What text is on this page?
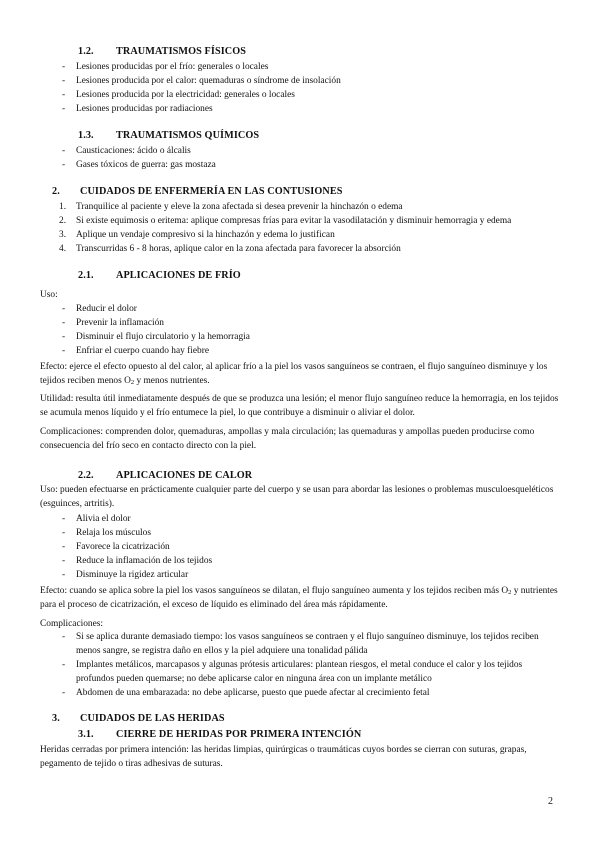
1.2. TRAUMATISMOS FÍSICOS
- Lesiones producidas por el frío: generales o locales
- Lesiones producida por el calor: quemaduras o síndrome de insolación
- Lesiones producida por la electricidad: generales o locales
- Lesiones producidas por radiaciones
1.3. TRAUMATISMOS QUÍMICOS
- Causticaciones: ácido o álcalis
- Gases tóxicos de guerra: gas mostaza
2. CUIDADOS DE ENFERMERÍA EN LAS CONTUSIONES
1. Tranquilice al paciente y eleve la zona afectada si desea prevenir la hinchazón o edema
2. Si existe equimosis o eritema: aplique compresas frías para evitar la vasodilatación y disminuir hemorragia y edema
3. Aplique un vendaje compresivo si la hinchazón y edema lo justifican
4. Transcurridas 6 - 8 horas, aplique calor en la zona afectada para favorecer la absorción
2.1. APLICACIONES DE FRÍO

Uso:

- Reducir el dolor
- Prevenir la inflamación
- Disminuir el flujo circulatorio y la hemorragia
- Enfriar el cuerpo cuando hay fiebre

Efecto: ejerce el efecto opuesto al del calor, al aplicar frío a la piel los vasos sanguíneos se contraen, el flujo sanguíneo disminuye y los tejidos reciben menos O2 y menos nutrientes.

Utilidad: resulta útil inmediatamente después de que se produzca una lesión; el menor flujo sanguíneo reduce la hemorragia, en los tejidos se acumula menos líquido y el frío entumece la piel, lo que contribuye a disminuir o aliviar el dolor.

Complicaciones: comprenden dolor, quemaduras, ampollas y mala circulación; las quemaduras y ampollas pueden producirse como consecuencia del frío seco en contacto directo con la piel.

2.2. APLICACIONES DE CALOR

Uso: pueden efectuarse en prácticamente cualquier parte del cuerpo y se usan para abordar las lesiones o problemas musculoesqueléticos (esguinces, artritis).

- Alivia el dolor
- Relaja los músculos
- Favorece la cicatrización
- Reduce la inflamación de los tejidos
- Disminuye la rigidez articular

Efecto: cuando se aplica sobre la piel los vasos sanguíneos se dilatan, el flujo sanguíneo aumenta y los tejidos reciben más O2 y nutrientes para el proceso de cicatrización, el exceso de líquido es eliminado del área más rápidamente.

Complicaciones:

- Si se aplica durante demasiado tiempo: los vasos sanguíneos se contraen y el flujo sanguíneo disminuye, los tejidos reciben menos sangre, se registra daño en ellos y la piel adquiere una tonalidad pálida
- Implantes metálicos, marcapasos y algunas prótesis articulares: plantean riesgos, el metal conduce el calor y los tejidos profundos pueden quemarse; no debe aplicarse calor en ninguna área con un implante metálico
- Abdomen de una embarazada: no debe aplicarse, puesto que puede afectar al crecimiento fetal
3. CUIDADOS DE LAS HERIDAS
3.1. CIERRE DE HERIDAS POR PRIMERA INTENCIÓN

Heridas cerradas por primera intención: las heridas limpias, quirúrgicas o traumáticas cuyos bordes se cierran con suturas, grapas, pegamento de tejido o tiras adhesivas de suturas.

2
